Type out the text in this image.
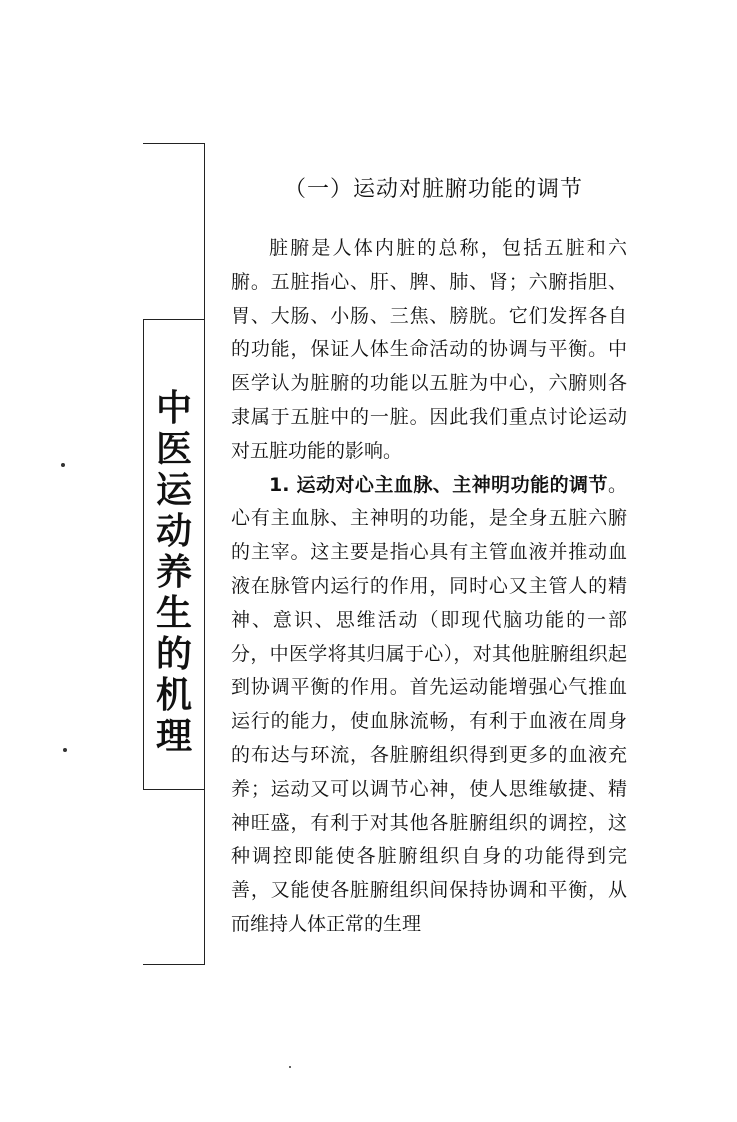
中
医
运
动
养
生
的
机
理
（一）运动对脏腑功能的调节

脏腑是人体内脏的总称，包括五脏和六腑。五脏指心、肝、脾、肺、肾；六腑指胆、胃、大肠、小肠、三焦、膀胱。它们发挥各自的功能，保证人体生命活动的协调与平衡。中医学认为脏腑的功能以五脏为中心，六腑则各隶属于五脏中的一脏。因此我们重点讨论运动对五脏功能的影响。

1. 运动对心主血脉、主神明功能的调节。心有主血脉、主神明的功能，是全身五脏六腑的主宰。这主要是指心具有主管血液并推动血液在脉管内运行的作用，同时心又主管人的精神、意识、思维活动（即现代脑功能的一部分，中医学将其归属于心），对其他脏腑组织起到协调平衡的作用。首先运动能增强心气推血运行的能力，使血脉流畅，有利于血液在周身的布达与环流，各脏腑组织得到更多的血液充养；运动又可以调节心神，使人思维敏捷、精神旺盛，有利于对其他各脏腑组织的调控，这种调控即能使各脏腑组织自身的功能得到完善，又能使各脏腑组织间保持协调和平衡，从而维持人体正常的生理
